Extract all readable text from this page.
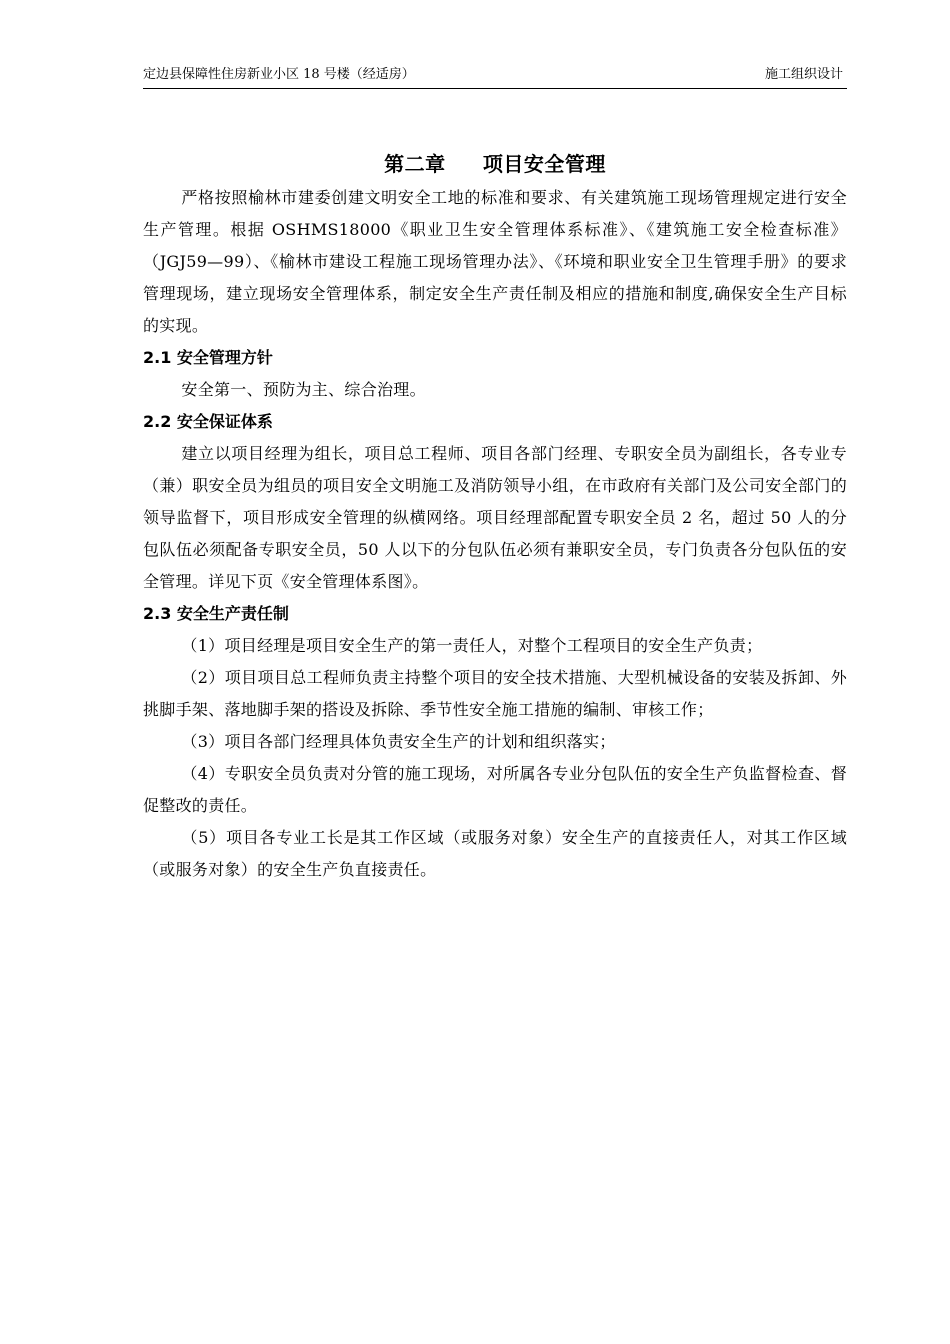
定边县保障性住房新业小区 18 号楼（经适房）	施工组织设计
第二章     项目安全管理

严格按照榆林市建委创建文明安全工地的标准和要求、有关建筑施工现场管理规定进行安全生产管理。根据 OSHMS18000《职业卫生安全管理体系标准》、《建筑施工安全检查标准》（JGJ59—99）、《榆林市建设工程施工现场管理办法》、《环境和职业安全卫生管理手册》的要求管理现场，建立现场安全管理体系，制定安全生产责任制及相应的措施和制度,确保安全生产目标的实现。

2.1 安全管理方针

安全第一、预防为主、综合治理。

2.2 安全保证体系

建立以项目经理为组长，项目总工程师、项目各部门经理、专职安全员为副组长，各专业专（兼）职安全员为组员的项目安全文明施工及消防领导小组，在市政府有关部门及公司安全部门的领导监督下，项目形成安全管理的纵横网络。项目经理部配置专职安全员 2 名，超过 50 人的分包队伍必须配备专职安全员，50 人以下的分包队伍必须有兼职安全员，专门负责各分包队伍的安全管理。详见下页《安全管理体系图》。

2.3 安全生产责任制

（1）项目经理是项目安全生产的第一责任人，对整个工程项目的安全生产负责；

（2）项目项目总工程师负责主持整个项目的安全技术措施、大型机械设备的安装及拆卸、外挑脚手架、落地脚手架的搭设及拆除、季节性安全施工措施的编制、审核工作；

（3）项目各部门经理具体负责安全生产的计划和组织落实；

（4）专职安全员负责对分管的施工现场，对所属各专业分包队伍的安全生产负监督检查、督促整改的责任。

（5）项目各专业工长是其工作区域（或服务对象）安全生产的直接责任人，对其工作区域（或服务对象）的安全生产负直接责任。
